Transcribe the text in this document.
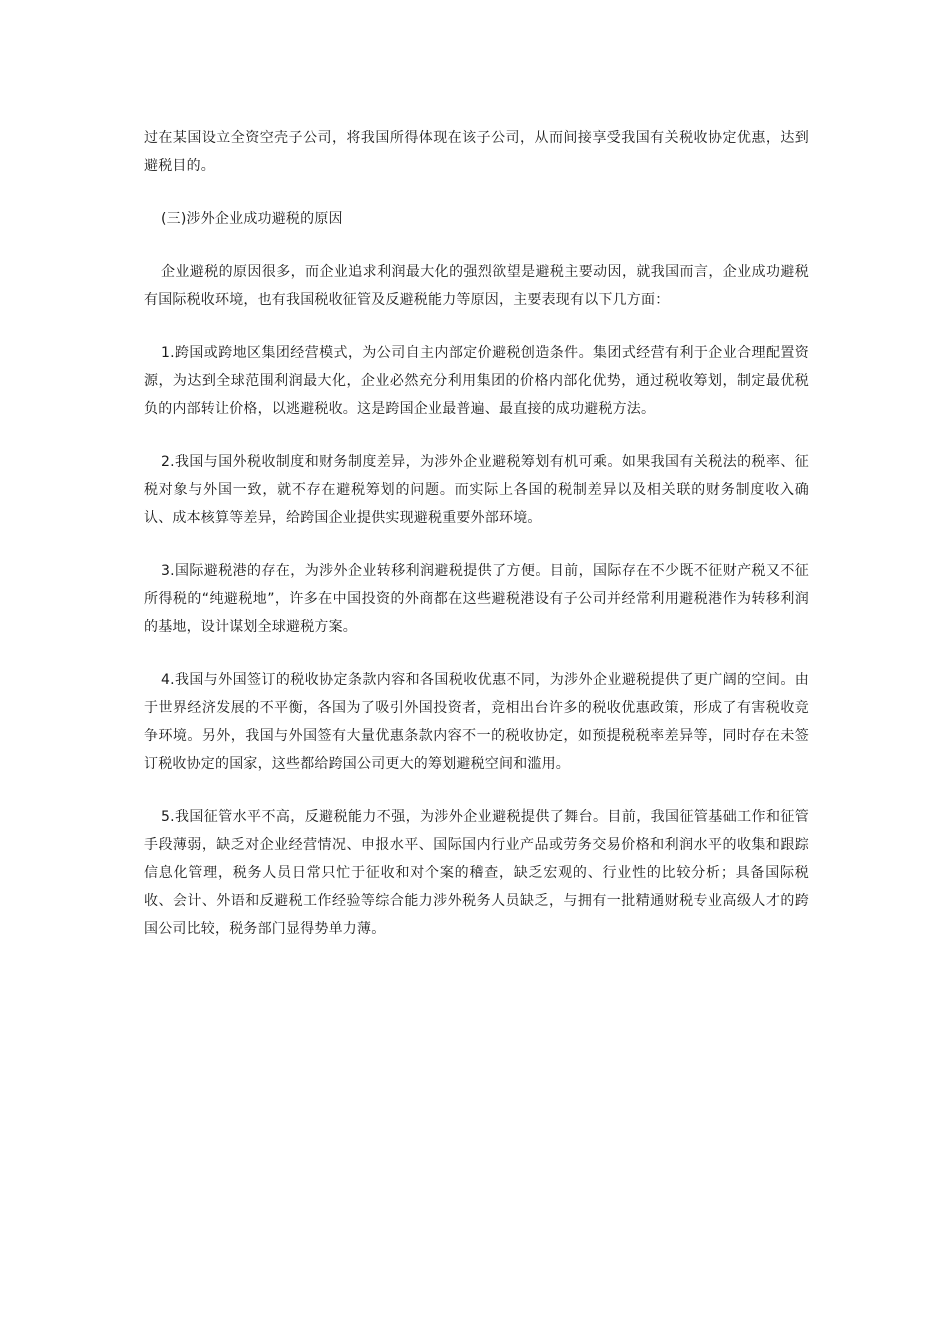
过在某国设立全资空壳子公司，将我国所得体现在该子公司，从而间接享受我国有关税收协定优惠，达到避税目的。

(三)涉外企业成功避税的原因

企业避税的原因很多，而企业追求利润最大化的强烈欲望是避税主要动因，就我国而言，企业成功避税有国际税收环境，也有我国税收征管及反避税能力等原因，主要表现有以下几方面：

1.跨国或跨地区集团经营模式，为公司自主内部定价避税创造条件。集团式经营有利于企业合理配置资源，为达到全球范围利润最大化，企业必然充分利用集团的价格内部化优势，通过税收筹划，制定最优税负的内部转让价格，以逃避税收。这是跨国企业最普遍、最直接的成功避税方法。

2.我国与国外税收制度和财务制度差异，为涉外企业避税筹划有机可乘。如果我国有关税法的税率、征税对象与外国一致，就不存在避税筹划的问题。而实际上各国的税制差异以及相关联的财务制度收入确认、成本核算等差异，给跨国企业提供实现避税重要外部环境。

3.国际避税港的存在，为涉外企业转移利润避税提供了方便。目前，国际存在不少既不征财产税又不征所得税的“纯避税地”，许多在中国投资的外商都在这些避税港设有子公司并经常利用避税港作为转移利润的基地，设计谋划全球避税方案。

4.我国与外国签订的税收协定条款内容和各国税收优惠不同，为涉外企业避税提供了更广阔的空间。由于世界经济发展的不平衡，各国为了吸引外国投资者，竞相出台许多的税收优惠政策，形成了有害税收竞争环境。另外，我国与外国签有大量优惠条款内容不一的税收协定，如预提税税率差异等，同时存在未签订税收协定的国家，这些都给跨国公司更大的筹划避税空间和滥用。

5.我国征管水平不高，反避税能力不强，为涉外企业避税提供了舞台。目前，我国征管基础工作和征管手段薄弱，缺乏对企业经营情况、申报水平、国际国内行业产品或劳务交易价格和利润水平的收集和跟踪信息化管理，税务人员日常只忙于征收和对个案的稽查，缺乏宏观的、行业性的比较分析；具备国际税收、会计、外语和反避税工作经验等综合能力涉外税务人员缺乏，与拥有一批精通财税专业高级人才的跨国公司比较，税务部门显得势单力薄。
